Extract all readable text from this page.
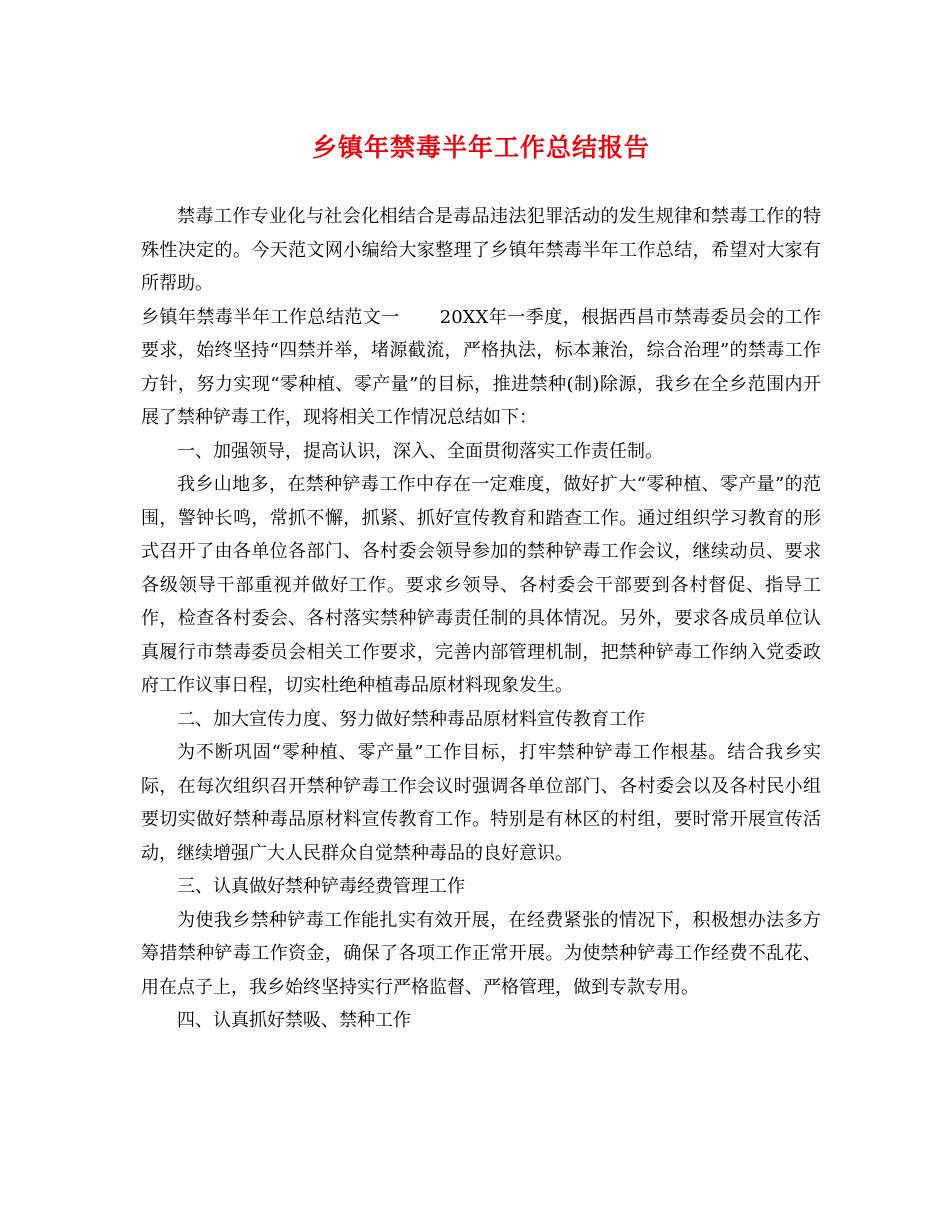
乡镇年禁毒半年工作总结报告

禁毒工作专业化与社会化相结合是毒品违法犯罪活动的发生规律和禁毒工作的特殊性决定的。今天范文网小编给大家整理了乡镇年禁毒半年工作总结，希望对大家有所帮助。

乡镇年禁毒半年工作总结范文一 20XX年一季度，根据西昌市禁毒委员会的工作要求，始终坚持“四禁并举，堵源截流，严格执法，标本兼治，综合治理”的禁毒工作方针，努力实现“零种植、零产量”的目标，推进禁种(制)除源，我乡在全乡范围内开展了禁种铲毒工作，现将相关工作情况总结如下：

一、加强领导，提高认识，深入、全面贯彻落实工作责任制。

我乡山地多，在禁种铲毒工作中存在一定难度，做好扩大“零种植、零产量”的范围，警钟长鸣，常抓不懈，抓紧、抓好宣传教育和踏查工作。通过组织学习教育的形式召开了由各单位各部门、各村委会领导参加的禁种铲毒工作会议，继续动员、要求各级领导干部重视并做好工作。要求乡领导、各村委会干部要到各村督促、指导工作，检查各村委会、各村落实禁种铲毒责任制的具体情况。另外，要求各成员单位认真履行市禁毒委员会相关工作要求，完善内部管理机制，把禁种铲毒工作纳入党委政府工作议事日程，切实杜绝种植毒品原材料现象发生。

二、加大宣传力度、努力做好禁种毒品原材料宣传教育工作

为不断巩固“零种植、零产量”工作目标，打牢禁种铲毒工作根基。结合我乡实际，在每次组织召开禁种铲毒工作会议时强调各单位部门、各村委会以及各村民小组要切实做好禁种毒品原材料宣传教育工作。特别是有林区的村组，要时常开展宣传活动，继续增强广大人民群众自觉禁种毒品的良好意识。

三、认真做好禁种铲毒经费管理工作

为使我乡禁种铲毒工作能扎实有效开展，在经费紧张的情况下，积极想办法多方筹措禁种铲毒工作资金，确保了各项工作正常开展。为使禁种铲毒工作经费不乱花、用在点子上，我乡始终坚持实行严格监督、严格管理，做到专款专用。

四、认真抓好禁吸、禁种工作
